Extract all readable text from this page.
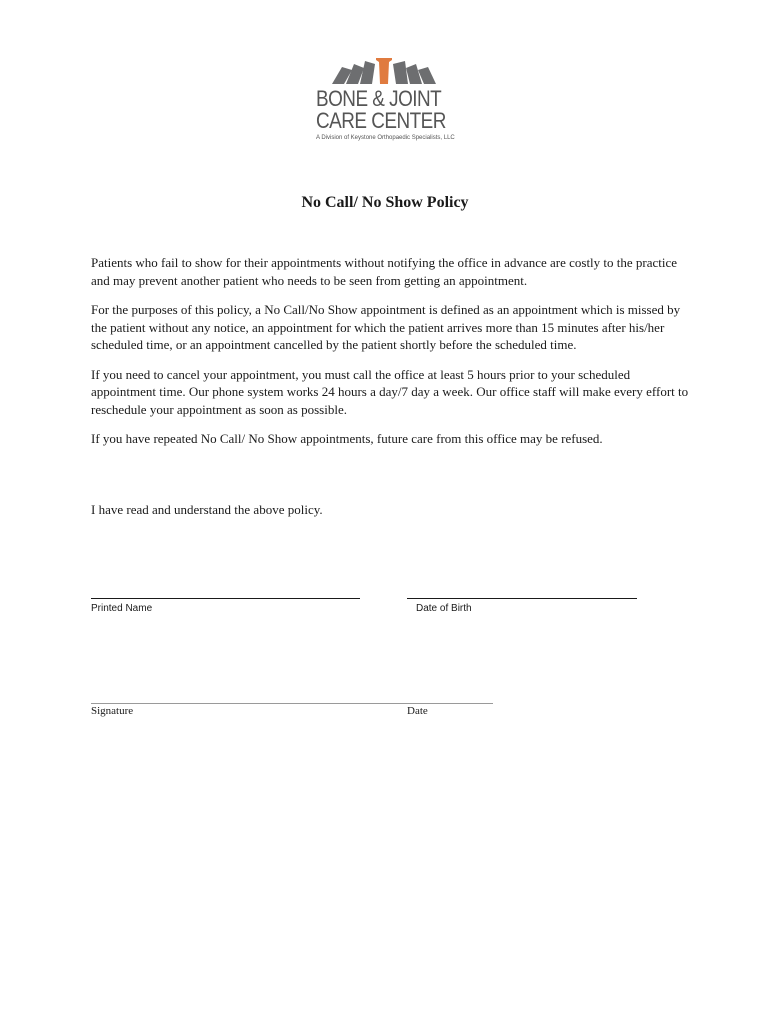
BONE & JOINT
CARE CENTER
A Division of Keystone Orthopaedic Specialists, LLC
No Call/ No Show Policy

Patients who fail to show for their appointments without notifying the office in advance are costly to the practice and may prevent another patient who needs to be seen from getting an appointment.

For the purposes of this policy, a No Call/No Show appointment is defined as an appointment which is missed by the patient without any notice, an appointment for which the patient arrives more than 15 minutes after his/her scheduled time, or an appointment cancelled by the patient shortly before the scheduled time.

If you need to cancel your appointment, you must call the office at least 5 hours prior to your scheduled appointment time. Our phone system works 24 hours a day/7 day a week. Our office staff will make every effort to reschedule your appointment as soon as possible.

If you have repeated No Call/ No Show appointments, future care from this office may be refused.

I have read and understand the above policy.
Printed Name	Date of Birth
Signature	Date
